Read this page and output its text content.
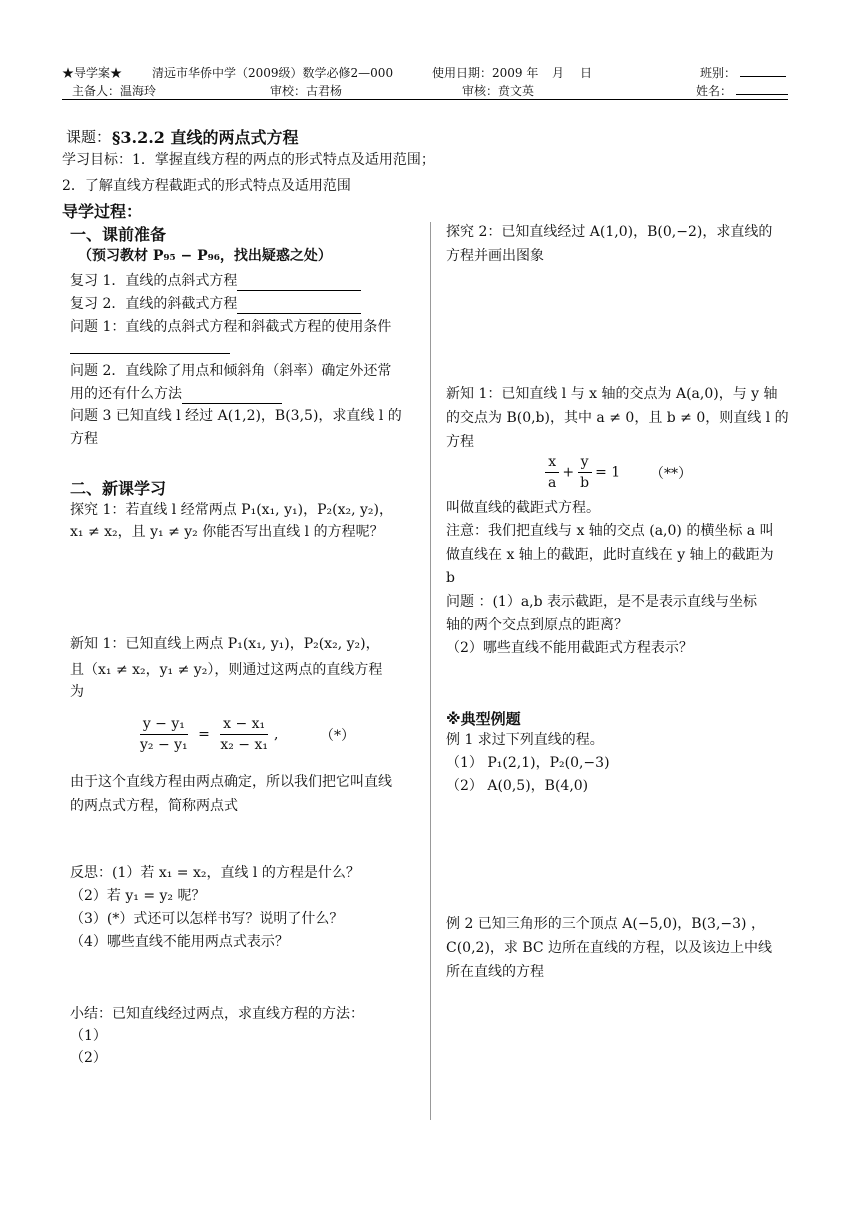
★导学案★ 清远市华侨中学（2009级）数学必修2—000	使用日期：2009 年 月 日	班别：
主备人：温海玲	审校：古君杨	审核：贲文英	姓名：
课题： §3.2.2 直线的两点式方程
学习目标：1．掌握直线方程的两点的形式特点及适用范围；
2．了解直线方程截距式的形式特点及适用范围
导学过程：
一、课前准备
（预习教材 P₉₅ − P₉₆，找出疑惑之处）
复习 1．直线的点斜式方程
复习 2．直线的斜截式方程
问题 1：直线的点斜式方程和斜截式方程的使用条件
问题 2．直线除了用点和倾斜角（斜率）确定外还常
用的还有什么方法
问题 3 已知直线 l 经过 A(1,2)，B(3,5)，求直线 l 的
方程
二、新课学习
探究 1：若直线 l 经常两点 P₁(x₁, y₁)，P₂(x₂, y₂)，
x₁ ≠ x₂，且 y₁ ≠ y₂ 你能否写出直线 l 的方程呢？
新知 1：已知直线上两点 P₁(x₁, y₁)，P₂(x₂, y₂)，
且（x₁ ≠ x₂，y₁ ≠ y₂），则通过这两点的直线方程
为
$\frac{\text{y − y₁}}{\text{y₂ − y₁}} = \frac{\text{x − x₁}}{\text{x₂ − x₁}}$ ,	（*）
由于这个直线方程由两点确定，所以我们把它叫直线
的两点式方程，简称两点式
反思：(1）若 x₁ = x₂，直线 l 的方程是什么？
（2）若 y₁ = y₂ 呢？
（3）(*）式还可以怎样书写？说明了什么？
（4）哪些直线不能用两点式表示？
小结：已知直线经过两点，求直线方程的方法：
（1）
（2）
探究 2：已知直线经过 A(1,0)，B(0,−2)，求直线的
方程并画出图象
新知 1：已知直线 l 与 x 轴的交点为 A(a,0)，与 y 轴
的交点为 B(0,b)，其中 a ≠ 0，且 b ≠ 0，则直线 l 的
方程
$\frac{x}{a} + \frac{y}{b} = 1$ （**）
叫做直线的截距式方程。
注意：我们把直线与 x 轴的交点 (a,0) 的横坐标 a 叫
做直线在 x 轴上的截距，此时直线在 y 轴上的截距为
b
问题 ：(1）a,b 表示截距，是不是表示直线与坐标
轴的两个交点到原点的距离？
（2）哪些直线不能用截距式方程表示？
※典型例题
例 1 求过下列直线的程。
（1） P₁(2,1)，P₂(0,−3)
（2） A(0,5)，B(4,0)
例 2 已知三角形的三个顶点 A(−5,0)，B(3,−3) ，
C(0,2)，求 BC 边所在直线的方程，以及该边上中线
所在直线的方程
